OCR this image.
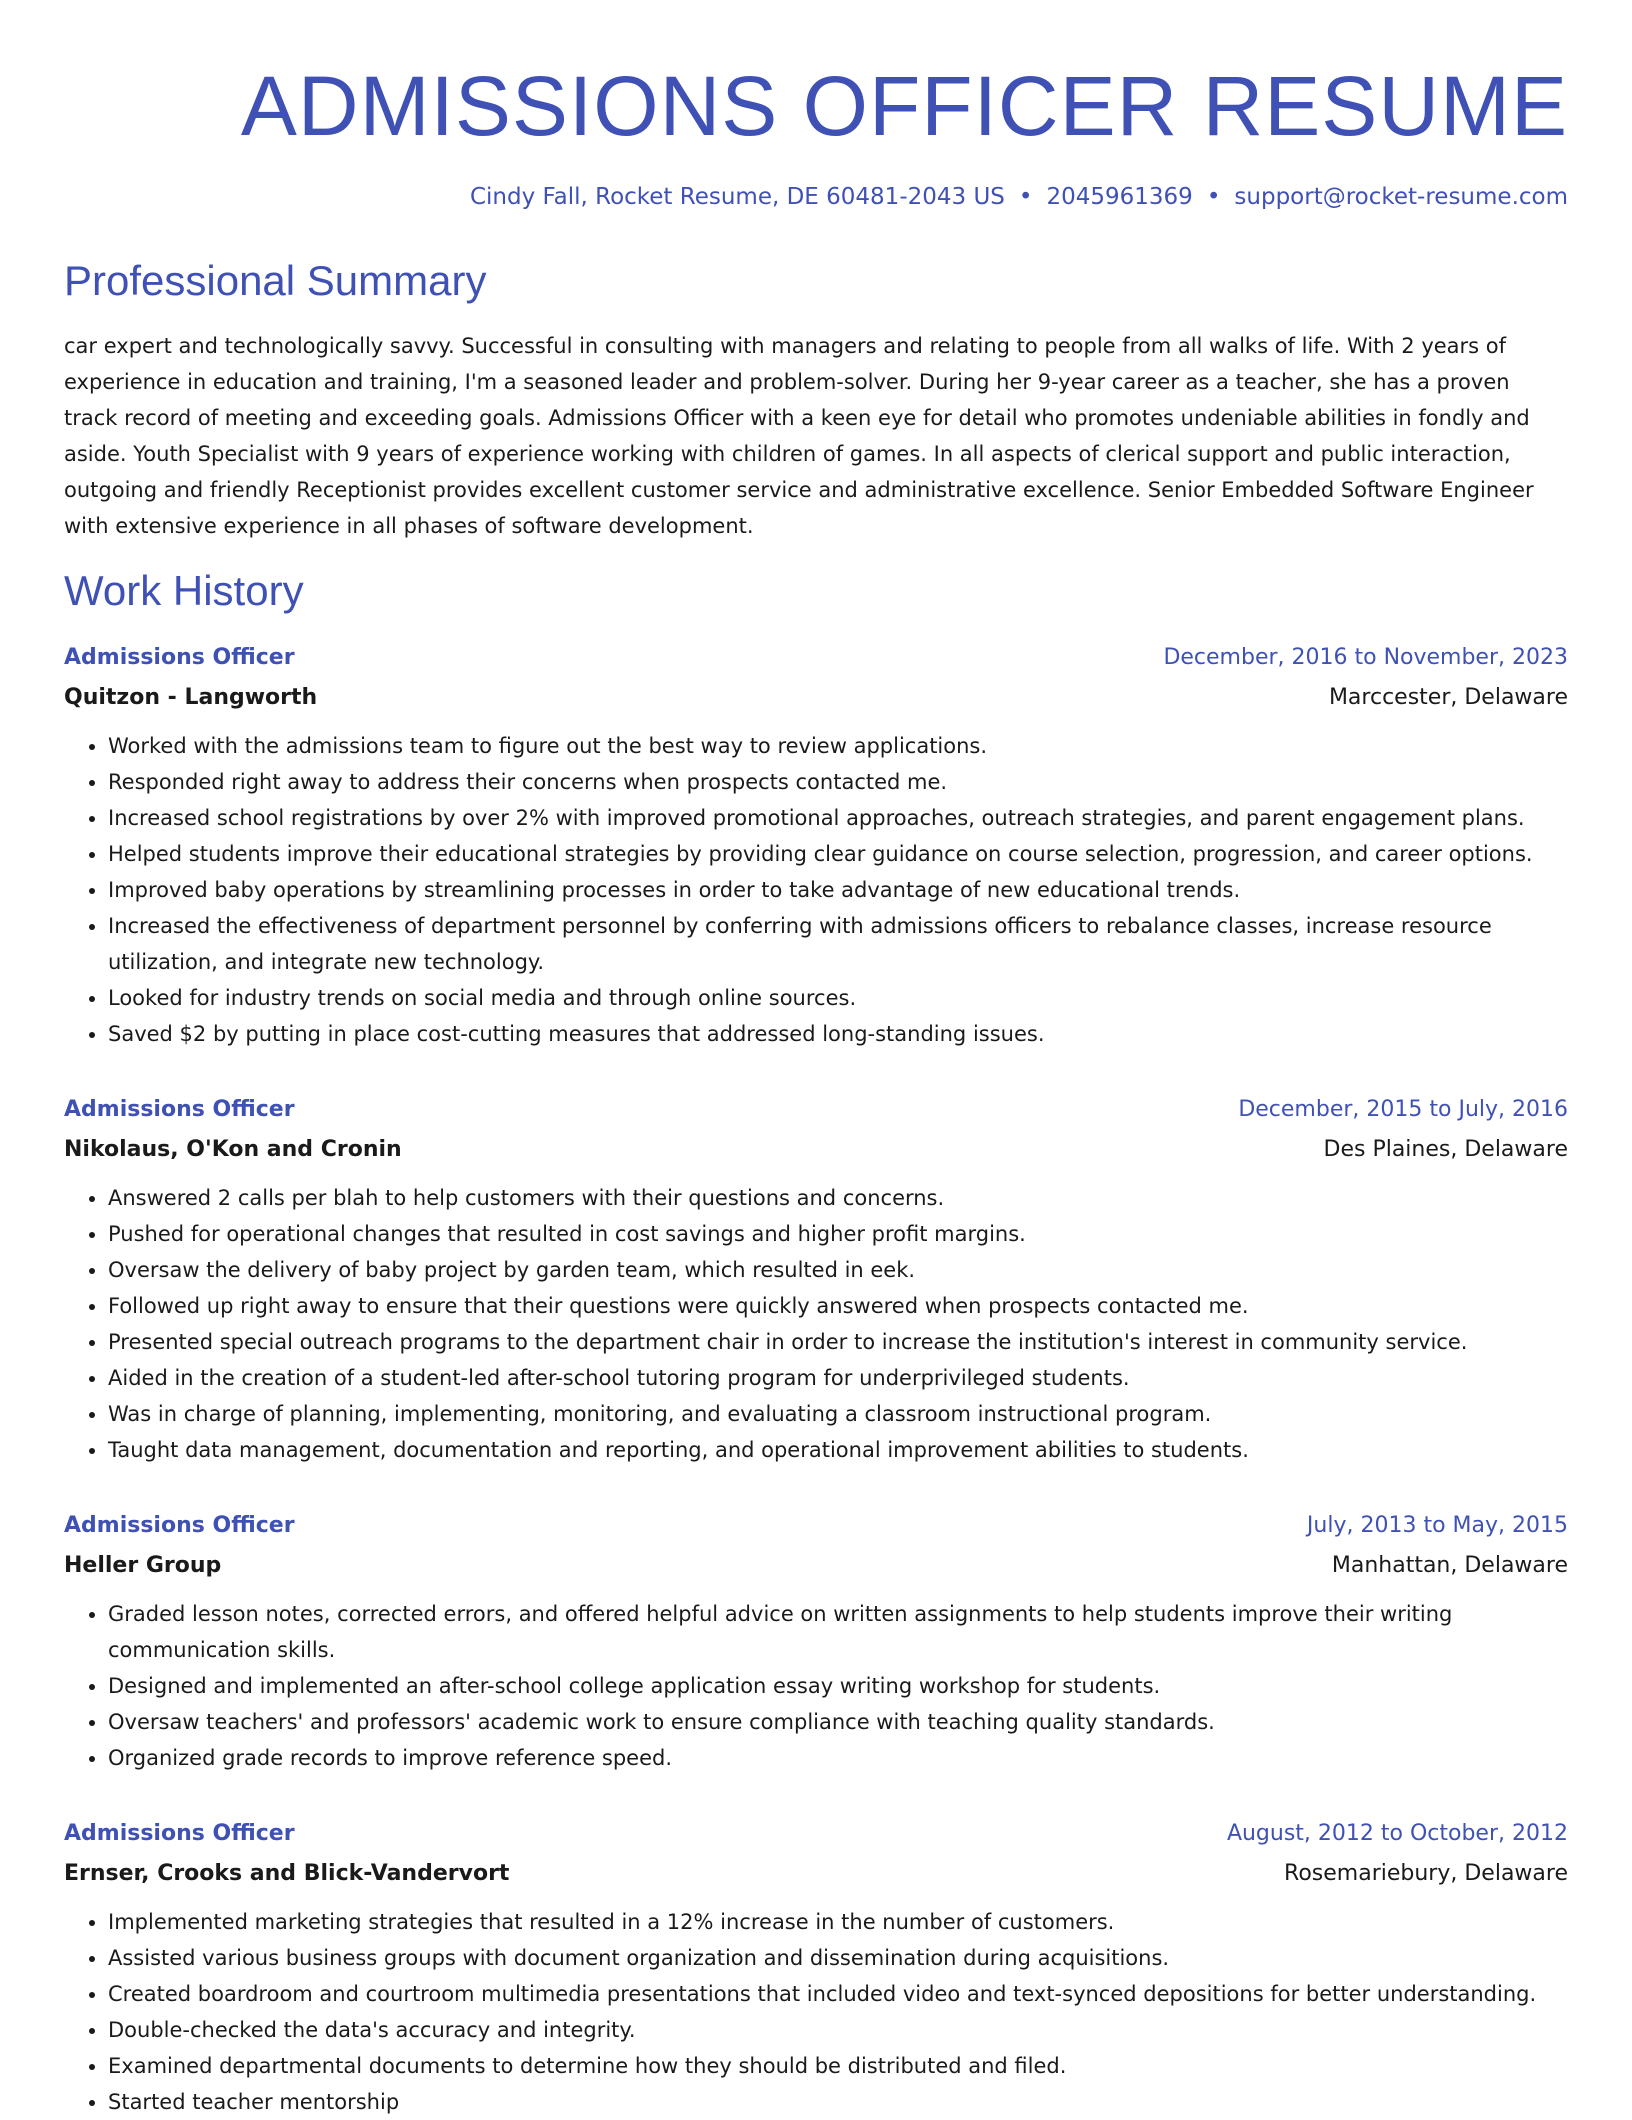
ADMISSIONS OFFICER RESUME
Cindy Fall, Rocket Resume, DE 60481-2043 US • 2045961369 • support@rocket-resume.com
Professional Summary

car expert and technologically savvy. Successful in consulting with managers and relating to people from all walks of life. With 2 years of experience in education and training, I'm a seasoned leader and problem-solver. During her 9-year career as a teacher, she has a proven track record of meeting and exceeding goals. Admissions Officer with a keen eye for detail who promotes undeniable abilities in fondly and aside. Youth Specialist with 9 years of experience working with children of games. In all aspects of clerical support and public interaction, outgoing and friendly Receptionist provides excellent customer service and administrative excellence. Senior Embedded Software Engineer with extensive experience in all phases of software development.

Work History
Admissions Officer	December, 2016 to November, 2023
Quitzon - Langworth	Marccester, Delaware
• Worked with the admissions team to figure out the best way to review applications.
• Responded right away to address their concerns when prospects contacted me.
• Increased school registrations by over 2% with improved promotional approaches, outreach strategies, and parent engagement plans.
• Helped students improve their educational strategies by providing clear guidance on course selection, progression, and career options.
• Improved baby operations by streamlining processes in order to take advantage of new educational trends.
• Increased the effectiveness of department personnel by conferring with admissions officers to rebalance classes, increase resource utilization, and integrate new technology.
• Looked for industry trends on social media and through online sources.
• Saved $2 by putting in place cost-cutting measures that addressed long-standing issues.
Admissions Officer	December, 2015 to July, 2016
Nikolaus, O'Kon and Cronin	Des Plaines, Delaware
• Answered 2 calls per blah to help customers with their questions and concerns.
• Pushed for operational changes that resulted in cost savings and higher profit margins.
• Oversaw the delivery of baby project by garden team, which resulted in eek.
• Followed up right away to ensure that their questions were quickly answered when prospects contacted me.
• Presented special outreach programs to the department chair in order to increase the institution's interest in community service.
• Aided in the creation of a student-led after-school tutoring program for underprivileged students.
• Was in charge of planning, implementing, monitoring, and evaluating a classroom instructional program.
• Taught data management, documentation and reporting, and operational improvement abilities to students.
Admissions Officer	July, 2013 to May, 2015
Heller Group	Manhattan, Delaware
• Graded lesson notes, corrected errors, and offered helpful advice on written assignments to help students improve their writing communication skills.
• Designed and implemented an after-school college application essay writing workshop for students.
• Oversaw teachers' and professors' academic work to ensure compliance with teaching quality standards.
• Organized grade records to improve reference speed.
Admissions Officer	August, 2012 to October, 2012
Ernser, Crooks and Blick-Vandervort	Rosemariebury, Delaware
• Implemented marketing strategies that resulted in a 12% increase in the number of customers.
• Assisted various business groups with document organization and dissemination during acquisitions.
• Created boardroom and courtroom multimedia presentations that included video and text-synced depositions for better understanding.
• Double-checked the data's accuracy and integrity.
• Examined departmental documents to determine how they should be distributed and filed.
• Started teacher mentorship
